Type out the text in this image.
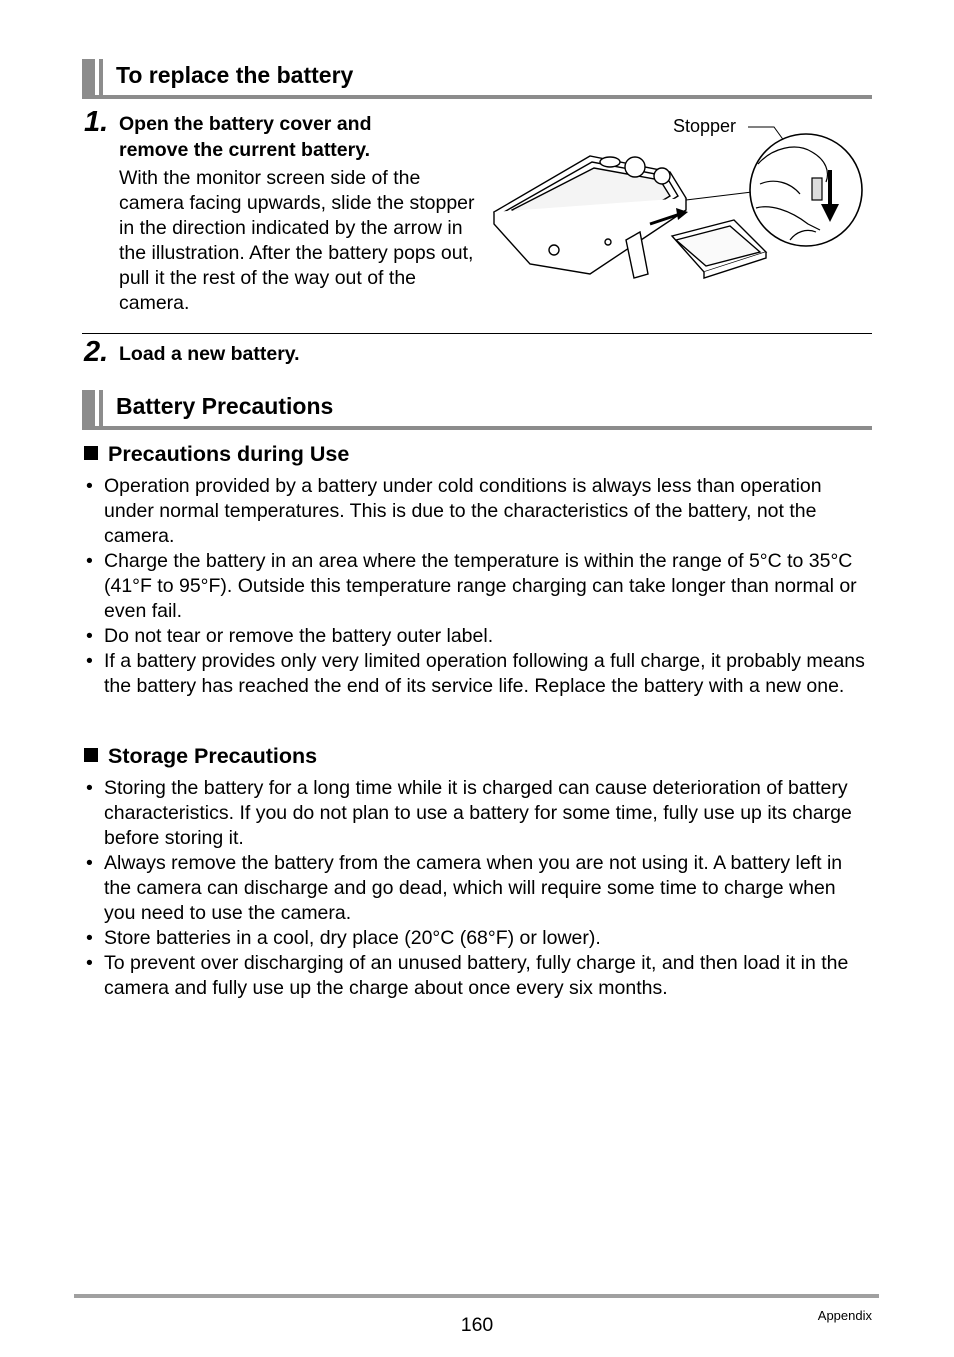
To replace the battery
1. Open the battery cover and remove the current battery.
With the monitor screen side of the camera facing upwards, slide the stopper in the direction indicated by the arrow in the illustration. After the battery pops out, pull it the rest of the way out of the camera.
Stopper
2. Load a new battery.
Battery Precautions
Precautions during Use
• Operation provided by a battery under cold conditions is always less than operation under normal temperatures. This is due to the characteristics of the battery, not the camera.
• Charge the battery in an area where the temperature is within the range of 5°C to 35°C (41°F to 95°F). Outside this temperature range charging can take longer than normal or even fail.
• Do not tear or remove the battery outer label.
• If a battery provides only very limited operation following a full charge, it probably means the battery has reached the end of its service life. Replace the battery with a new one.
Storage Precautions
• Storing the battery for a long time while it is charged can cause deterioration of battery characteristics. If you do not plan to use a battery for some time, fully use up its charge before storing it.
• Always remove the battery from the camera when you are not using it. A battery left in the camera can discharge and go dead, which will require some time to charge when you need to use the camera.
• Store batteries in a cool, dry place (20°C (68°F) or lower).
• To prevent over discharging of an unused battery, fully charge it, and then load it in the camera and fully use up the charge about once every six months.
160	Appendix
